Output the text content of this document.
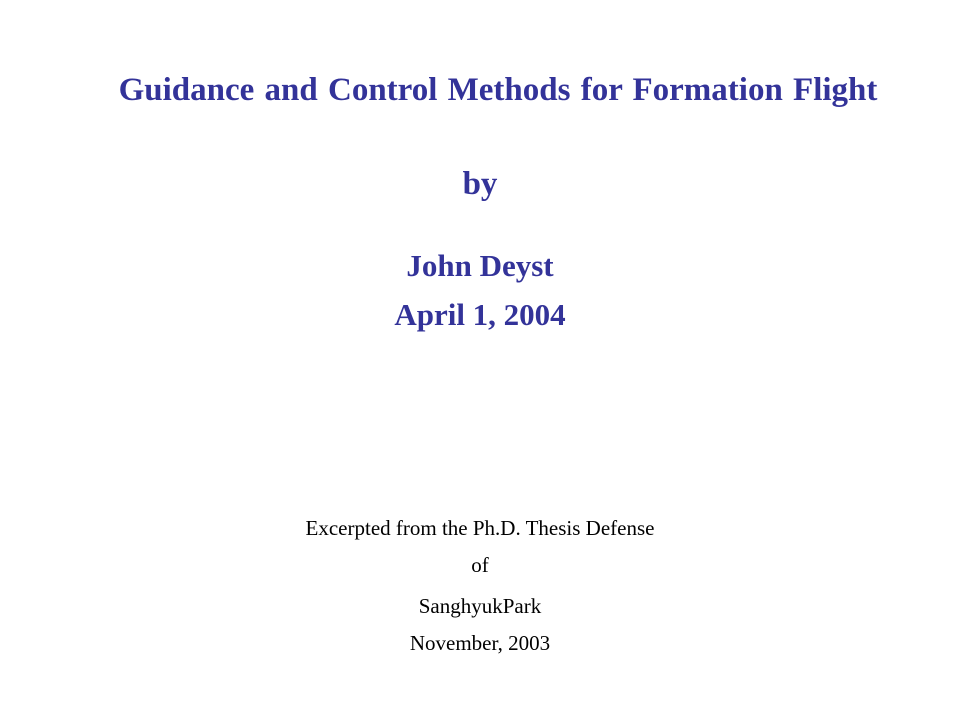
Guidance and Control Methods for Formation Flight
by
John Deyst
April 1, 2004
Excerpted from the Ph.D. Thesis Defense
of
SanghyukPark
November, 2003
